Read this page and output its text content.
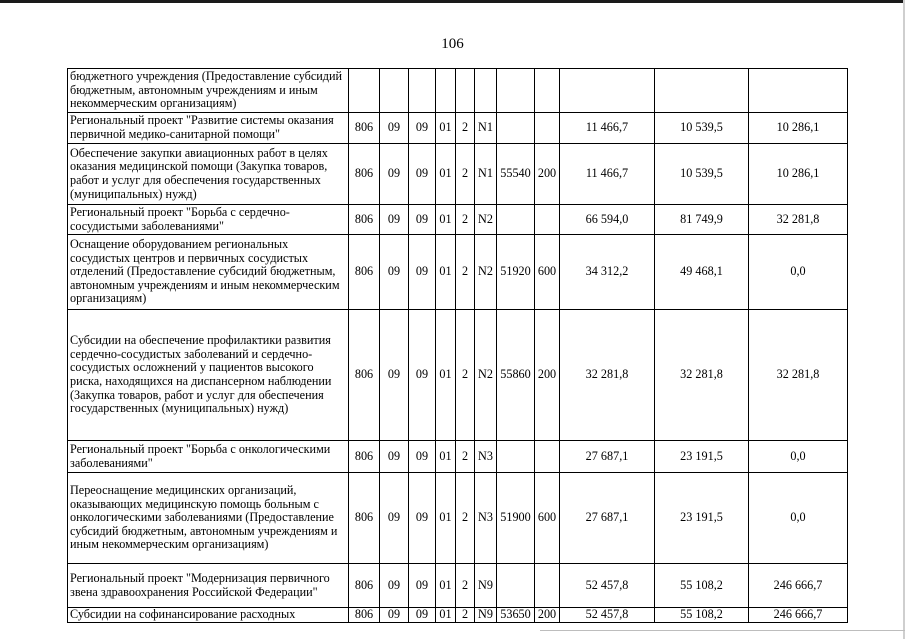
106
бюджетного учреждения (Предоставление субсидий бюджетным, автономным учреждениям и иным некоммерческим организациям)											
Региональный проект "Развитие системы оказания первичной медико-санитарной помощи"	806	09	09	01	2	N1			11 466,7	10 539,5	10 286,1
Обеспечение закупки авиационных работ в целях оказания медицинской помощи (Закупка товаров, работ и услуг для обеспечения государственных (муниципальных) нужд)	806	09	09	01	2	N1	55540	200	11 466,7	10 539,5	10 286,1
Региональный проект "Борьба с сердечно-сосудистыми заболеваниями"	806	09	09	01	2	N2			66 594,0	81 749,9	32 281,8
Оснащение оборудованием региональных сосудистых центров и первичных сосудистых отделений (Предоставление субсидий бюджетным, автономным учреждениям и иным некоммерческим организациям)	806	09	09	01	2	N2	51920	600	34 312,2	49 468,1	0,0
Субсидии на обеспечение профилактики развития сердечно-сосудистых заболеваний и сердечно-сосудистых осложнений у пациентов высокого риска, находящихся на диспансерном наблюдении (Закупка товаров, работ и услуг для обеспечения государственных (муниципальных) нужд)	806	09	09	01	2	N2	55860	200	32 281,8	32 281,8	32 281,8
Региональный проект "Борьба с онкологическими заболеваниями"	806	09	09	01	2	N3			27 687,1	23 191,5	0,0
Переоснащение медицинских организаций, оказывающих медицинскую помощь больным с онкологическими заболеваниями (Предоставление субсидий бюджетным, автономным учреждениям и иным некоммерческим организациям)	806	09	09	01	2	N3	51900	600	27 687,1	23 191,5	0,0
Региональный проект "Модернизация первичного звена здравоохранения Российской Федерации"	806	09	09	01	2	N9			52 457,8	55 108,2	246 666,7
Субсидии на софинансирование расходных	806	09	09	01	2	N9	53650	200	52 457,8	55 108,2	246 666,7
